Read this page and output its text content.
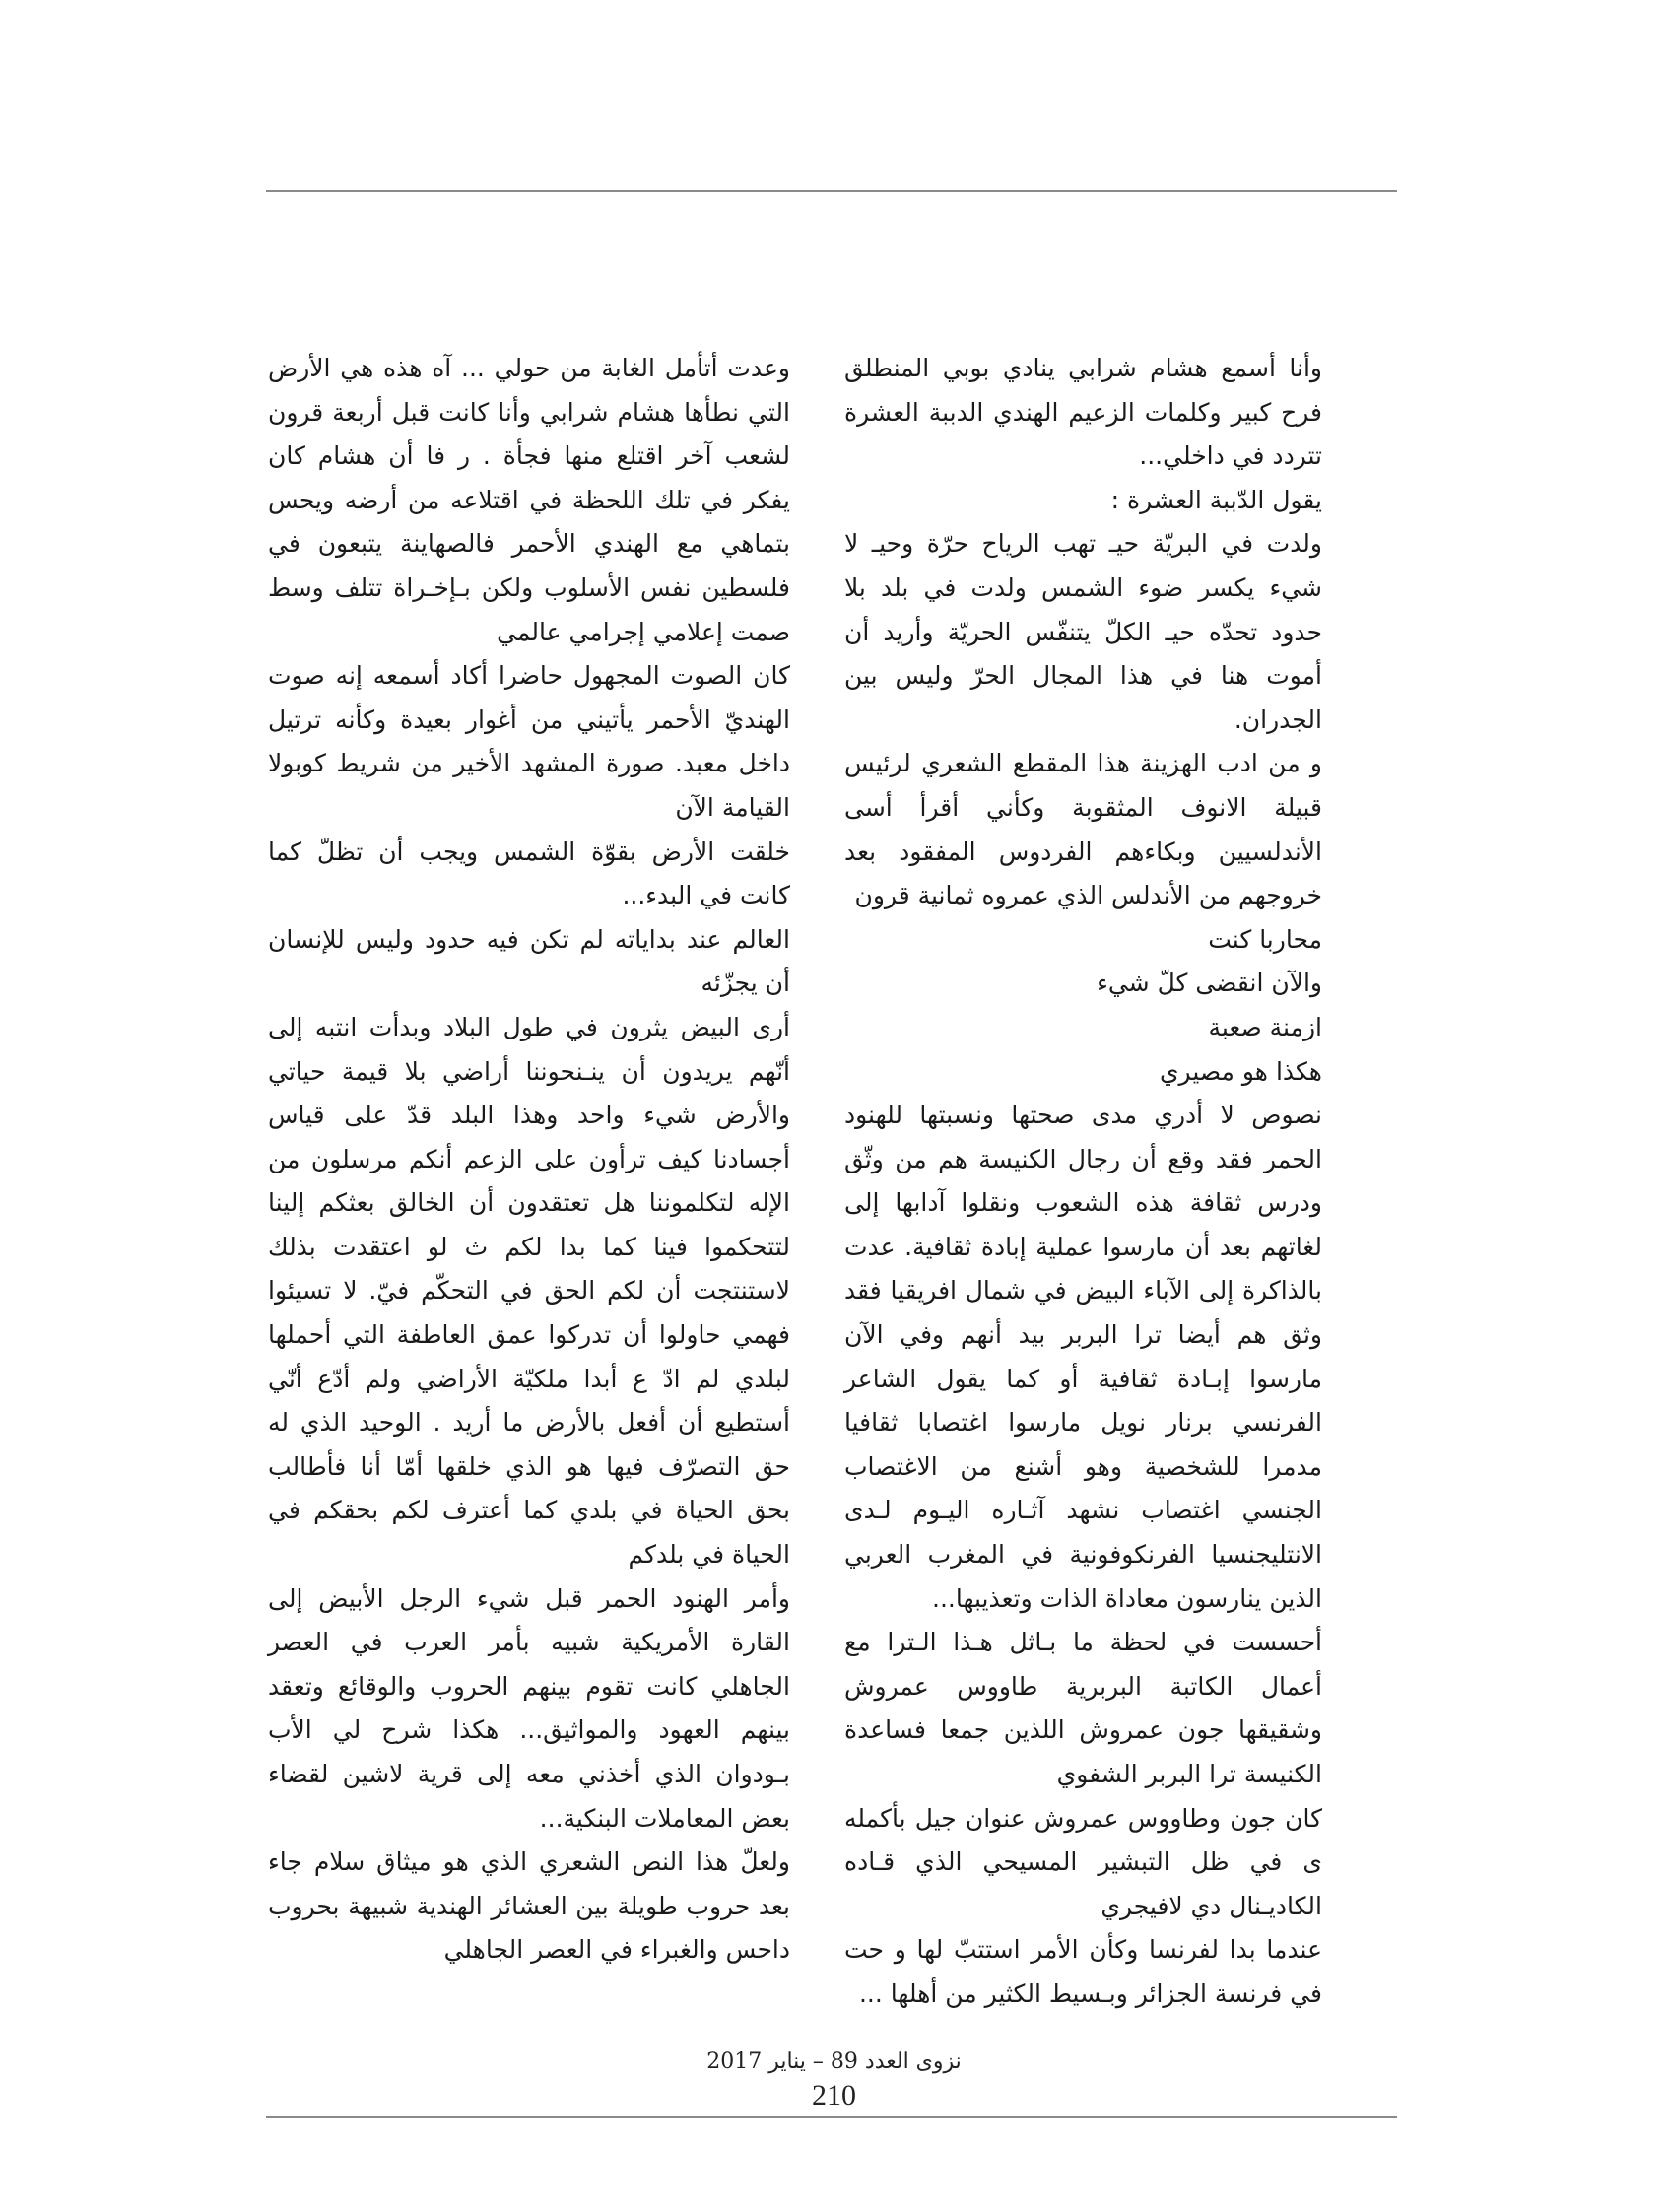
وأنا أسمع هشام شرابي ينادي بوبي المنطلق فرح كبير وكلمات الزعيم الهندي الدببة العشرة تتردد في داخلي...

يقول الدّببة العشرة :

ولدت في البريّة حيـ تهب الرياح حرّة وحيـ لا شيء يكسر ضوء الشمس ولدت في بلد بلا حدود تحدّه حيـ الكلّ يتنفّس الحريّة وأريد أن أموت هنا في هذا المجال الحرّ وليس بين الجدران.

و من ادب الهزينة هذا المقطع الشعري لرئيس قبيلة الانوف المثقوبة وكأني أقرأ أسى الأندلسيين وبكاءهم الفردوس المفقود بعد خروجهم من الأندلس الذي عمروه ثمانية قرون

محاربا كنت

والآن انقضى كلّ شيء

ازمنة صعبة

هكذا هو مصيري

نصوص لا أدري مدى صحتها ونسبتها للهنود الحمر فقد وقع أن رجال الكنيسة هم من وثّق ودرس ثقافة هذه الشعوب ونقلوا آدابها إلى لغاتهم بعد أن مارسوا عملية إبادة ثقافية. عدت بالذاكرة إلى الآباء البيض في شمال افريقيا فقد وثق هم أيضا ترا البربر بيد أنهم وفي الآن مارسوا إبـادة ثقافية أو كما يقول الشاعر الفرنسي برنار نويل مارسوا اغتصابا ثقافيا مدمرا للشخصية وهو أشنع من الاغتصاب الجنسي اغتصاب نشهد آثـاره اليـوم لـدى الانتليجنسيا الفرنكوفونية في المغرب العربي الذين ينارسون معاداة الذات وتعذيبها...

أحسست في لحظة ما بـاثل هـذا الـترا مع أعمال الكاتبة البربرية طاووس عمروش وشقيقها جون عمروش اللذين جمعا فساعدة الكنيسة ترا البربر الشفوي

كان جون وطاووس عمروش عنوان جيل بأكمله ى في ظل التبشير المسيحي الذي قـاده الكاديـنال دي لافيجري

عندما بدا لفرنسا وكأن الأمر استتبّ لها و حت في فرنسة الجزائر وبـسيط الكثير من أهلها ...

وعدت أتأمل الغابة من حولي ... آه هذه هي الأرض التي نطأها هشام شرابي وأنا كانت قبل أربعة قرون لشعب آخر اقتلع منها فجأة . ر فا أن هشام كان يفكر في تلك اللحظة في اقتلاعه من أرضه ويحس بتماهي مع الهندي الأحمر فالصهاينة يتبعون في فلسطين نفس الأسلوب ولكن بـإخـراة تتلف وسط صمت إعلامي إجرامي عالمي

كان الصوت المجهول حاضرا أكاد أسمعه إنه صوت الهنديّ الأحمر يأتيني من أغوار بعيدة وكأنه ترتيل داخل معبد. صورة المشهد الأخير من شريط كوبولا القيامة الآن

خلقت الأرض بقوّة الشمس ويجب أن تظلّ كما كانت في البدء...

العالم عند بداياته لم تكن فيه حدود وليس للإنسان أن يجزّئه

أرى البيض يثرون في طول البلاد وبدأت انتبه إلى أنّهم يريدون أن ينـنحوننا أراضي بلا قيمة حياتي والأرض شيء واحد وهذا البلد قدّ على قياس أجسادنا كيف ترأون على الزعم أنكم مرسلون من الإله لتكلموننا هل تعتقدون أن الخالق بعثكم إلينا لتتحكموا فينا كما بدا لكم ث لو اعتقدت بذلك لاستنتجت أن لكم الحق في التحكّم فيّ. لا تسيئوا فهمي حاولوا أن تدركوا عمق العاطفة التي أحملها لبلدي لم ادّ ع أبدا ملكيّة الأراضي ولم أدّع أنّي أستطيع أن أفعل بالأرض ما أريد . الوحيد الذي له حق التصرّف فيها هو الذي خلقها أمّا أنا فأطالب بحق الحياة في بلدي كما أعترف لكم بحقكم في الحياة في بلدكم

وأمر الهنود الحمر قبل شيء الرجل الأبيض إلى القارة الأمريكية شبيه بأمر العرب في العصر الجاهلي كانت تقوم بينهم الحروب والوقائع وتعقد بينهم العهود والمواثيق... هكذا شرح لي الأب بـودوان الذي أخذني معه إلى قرية لاشين لقضاء بعض المعاملات البنكية...

ولعلّ هذا النص الشعري الذي هو ميثاق سلام جاء بعد حروب طويلة بين العشائر الهندية شبيهة بحروب داحس والغبراء في العصر الجاهلي

نزوى العدد 89 – يناير 2017
210
